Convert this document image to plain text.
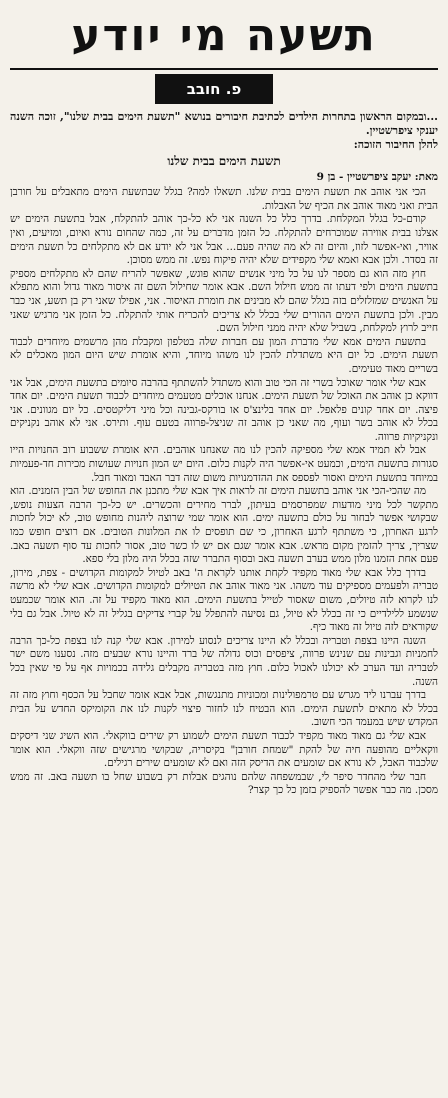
תשעה מי יודע
פ. חובב

...ובמקום הראשון בתחרות הילדים לכתיבת חיבורים בנושא "תשעת הימים בבית שלנו", זוכה השנה יענקי ציפרשטיין.

להלן החיבור הזוכה:

תשעת הימים בבית שלנו
מאת: יעקב ציפרשטיין - בן 9

הכי אני אוהב את תשעת הימים בבית שלנו. תשאלו למה? בגלל שבתשעת הימים מתאבלים על חורבן הבית ואני מאוד אוהב את הכיף של האבלות.

קודם-כל בגלל המקלחת. בדרך כלל כל השנה אני לא כל-כך אוהב להתקלח, אבל בתשעת הימים יש אצלנו בבית אווירה שמוכרחים להתקלח. כל הזמן מדברים על זה, כמה שהחום נורא ואיום, ומזיעים, ואין אוויר, ואי-אפשר לזוז, והיום זה לא מה שהיה פעם... אבל אני לא יודע אם לא מתקלחים כל תשעת הימים זה בסדר. ולכן אבא ואמא שלי מקפידים שלא יהיה פיקוח נפש. זה ממש מסוכן.

חוץ מזה הוא גם מספר לנו על כל מיני אנשים שהוא פוגש, שאפשר להריח שהם לא מתקלחים מספיק בתשעת הימים ולפי דעתו זה ממש חילול השם. אבא אומר שחילול השם זה איסור מאוד גדול והוא מתפלא על האנשים שמזלזלים בזה בגלל שהם לא מבינים את חומרת האיסור. אני, אפילו שאני רק בן תשע, אני כבר מבין. ולכן בתשעת הימים ההורים שלי בכלל לא צריכים להכריח אותי להתקלח. כל הזמן אני מרגיש שאני חייב לרוץ למקלחת, בשביל שלא יהיה ממני חילול השם.

בתשעת הימים אמא שלי מדברת המון עם חברות שלה בטלפון ומקבלת מהן מרשמים מיוחדים לכבוד תשעת הימים. כל יום היא משתדלת להכין לנו משהו מיוחד, והיא אומרת שיש היום המון מאכלים לא בשריים מאוד טעימים.

אבא שלי אומר שאוכל בשרי זה הכי טוב והוא משתדל להשתתף בהרבה סיומים בתשעת הימים, אבל אני דווקא כן אוהב את האוכל של תשעת הימים. אנחנו אוכלים מטעמים מיוחדים לכבוד תשעת הימים. יום אחד פיצה. יום אחד קונים פלאפל. יום אחד בלינצ'ס או בורקס-גבינה וכל מיני דליקטסים. כל יום מגוונים. אני בכלל לא אוהב בשר ועוף, מה שאני כן אוהב זה שניצל-פרווה בטעם עוף. ותירס. אני לא אוהב נקניקים ונקניקיות פרווה.

אבל לא תמיד אמא שלי מספיקה להכין לנו מה שאנחנו אוהבים. היא אומרת ששבוע רוב החנויות הייו סגורות בתשעת הימים, וכמעט אי-אפשר היה לקנות כלום. היום יש המון חנויות שעושות מכירות חד-פעמיות במיוחד בתשעת הימים ואסור לפספס את ההזדמנויות משום שזה דבר האבד ומאוד חבל.

מה שהכי-הכי אני אוהב בתשעת הימים זה לראות איך אבא שלי מתכנן את החופש של הבין הזמנים. הוא מתקשר לכל מיני מודעות שמפרסמים בעיתון, לברר מחירים והכשרים. יש כל-כך הרבה הצעות נופש, שבקושי אפשר לבחור על כולם בתשעה ימים. הוא אומר שמי שרוצה ליהנות מחופש טוב, לא יכול לחכות לרגע האחרון, כי משתתף לרגע האחרון, כי שם תופסים לו את המלונות הטובים. אם רוצים חופש כמו שצריך, צריך להזמין מקום מראש. אבא אומר שגם אם יש לו כשר טוב, אסור לחכות עד סוף תשעה באב. פעם אחת הזמנו מלון ממש בערב תשעה באב ובסוף התברר שזה בכלל היה מלון בלי ספא.

בדרך כלל אבא שלי מאוד מקפיד לקחת אותנו לקראת ה' באב לטיול למקומות הקדושים - צפת, מירון, טבריה ולפעמים מספיקים עוד משהו. אני מאוד אוהב את הטיולים למקומות הקדושים. אבא שלי לא מרשה לנו לקרוא לזה טיולים, משום שאסור לטייל בתשעת הימים. הוא מאוד מקפיד על זה. הוא אומר שכמעט שנשמע ללילדיים כי זה בכלל לא טיול, גם נסיעה להתפלל על קברי צדיקים בגליל זה לא טיול. אבל גם בלי שקוראים לזה טיול זה מאוד כיף.

השנה היינו בצפת וטבריה ובכלל לא היינו צריכים לנסוע למירון. אבא שלי קנה לנו בצפת כל-כך הרבה לחמניות וגבינות עם שנינש פרווה, ציפסים וכוס גדולה של ברד והיינו נורא שבעים מזה. נסענו משם ישר לטבריה ועד הערב לא יכולנו לאכול כלום. חוץ מזה בטבריה מקבלים גלידה בכמויות אף על פי שאין בכל השנה.

בדרך עברנו ליד מגרש עם טרמפולינות ומכוניות מתנגשות, אבל אבא אומר שחבל על הכסף וחוץ מזה זה בכלל לא מתאים לתשעת הימים. הוא הבטיח לנו לחזור פיצוי לקנות לנו את הקומיקס החדש על הבית המקדש שיש במעמד הכי חשוב.

אבא שלי גם מאוד מאוד מקפיד לכבוד תשעת הימים לשמוע רק שירים בווקאלי. הוא השיג שני דיסקים ווקאליים מהופעה חיה של להקת "שמחת חורבן" בקיסריה, שבקושי מרגישים שזה ווקאלי. הוא אומר שלכבוד האבל, לא נורא אם שומעים את הדיסק הזה ואם לא שומעים שירים רגילים.

חבר שלי מהחדר סיפר לי, שבמשפחה שלהם נוהגים אבלות רק בשבוע שחל בו תשעה באב. זה ממש מסכן. מה כבר אפשר להספיק בזמן כל כך קצר?
